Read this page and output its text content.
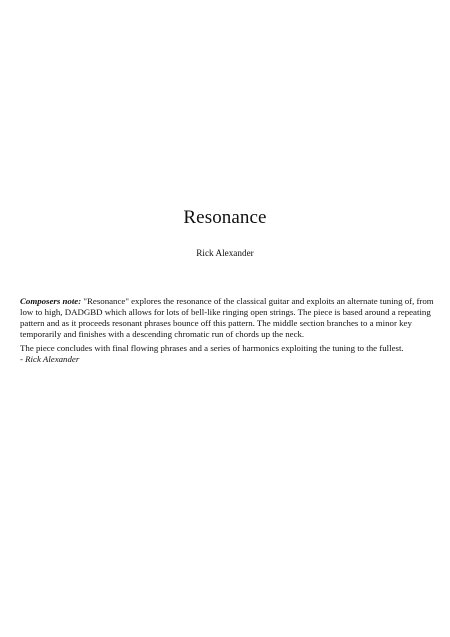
Resonance
Rick Alexander

Composers note: "Resonance" explores the resonance of the classical guitar and exploits an alternate tuning of, from low to high, DADGBD which allows for lots of bell-like ringing open strings. The piece is based around a repeating pattern and as it proceeds resonant phrases bounce off this pattern. The middle section branches to a minor key temporarily and finishes with a descending chromatic run of chords up the neck.

The piece concludes with final flowing phrases and a series of harmonics exploiting the tuning to the fullest.
- Rick Alexander
